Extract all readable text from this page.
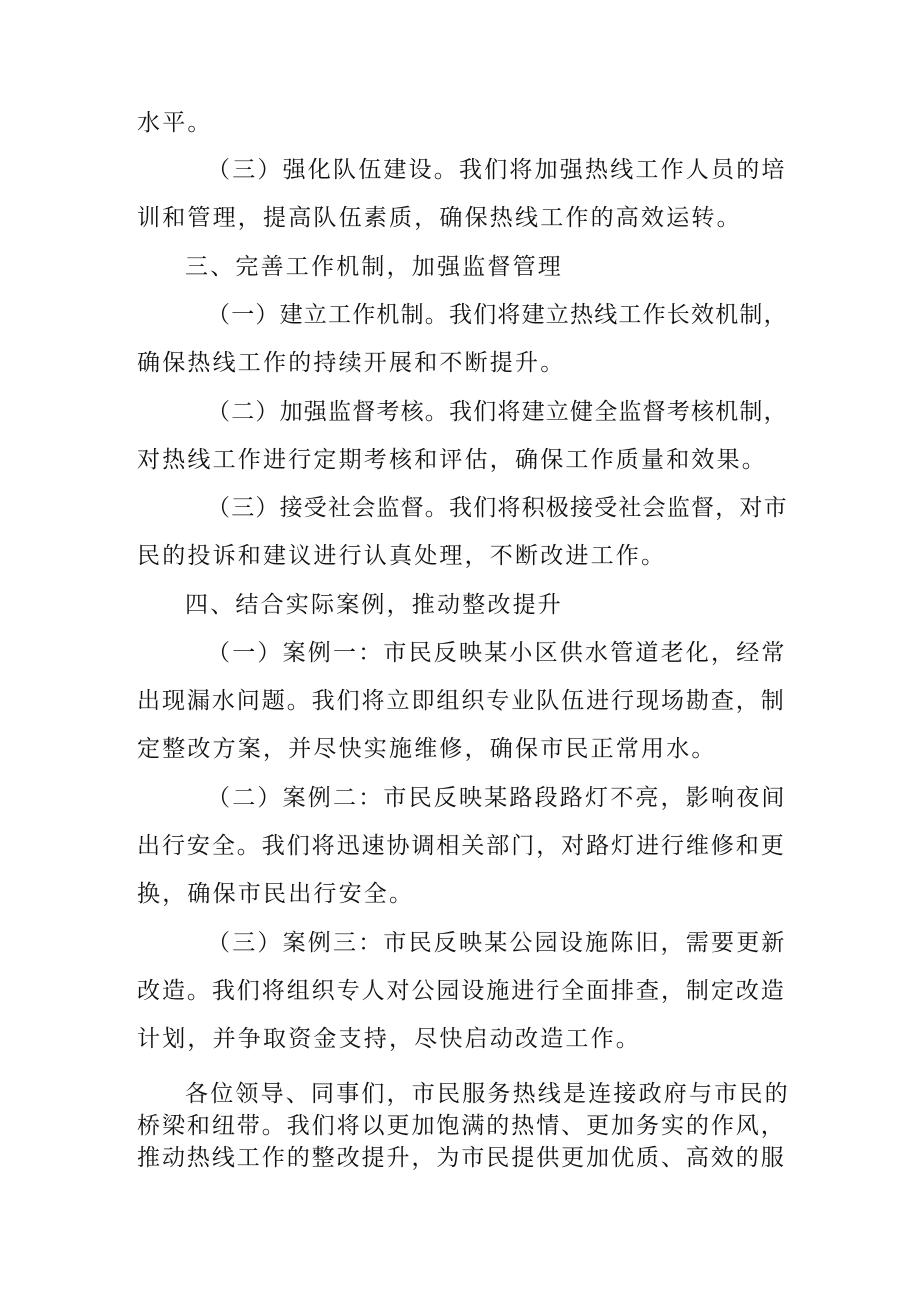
水平。
（三）强化队伍建设。我们将加强热线工作人员的培
训和管理，提高队伍素质，确保热线工作的高效运转。
三、完善工作机制，加强监督管理
（一）建立工作机制。我们将建立热线工作长效机制，
确保热线工作的持续开展和不断提升。
（二）加强监督考核。我们将建立健全监督考核机制，
对热线工作进行定期考核和评估，确保工作质量和效果。
（三）接受社会监督。我们将积极接受社会监督，对市
民的投诉和建议进行认真处理，不断改进工作。
四、结合实际案例，推动整改提升
（一）案例一：市民反映某小区供水管道老化，经常
出现漏水问题。我们将立即组织专业队伍进行现场勘查，制
定整改方案，并尽快实施维修，确保市民正常用水。
（二）案例二：市民反映某路段路灯不亮，影响夜间
出行安全。我们将迅速协调相关部门，对路灯进行维修和更
换，确保市民出行安全。
（三）案例三：市民反映某公园设施陈旧，需要更新
改造。我们将组织专人对公园设施进行全面排查，制定改造
计划，并争取资金支持，尽快启动改造工作。
各位领导、同事们，市民服务热线是连接政府与市民的
桥梁和纽带。我们将以更加饱满的热情、更加务实的作风，
推动热线工作的整改提升，为市民提供更加优质、高效的服
